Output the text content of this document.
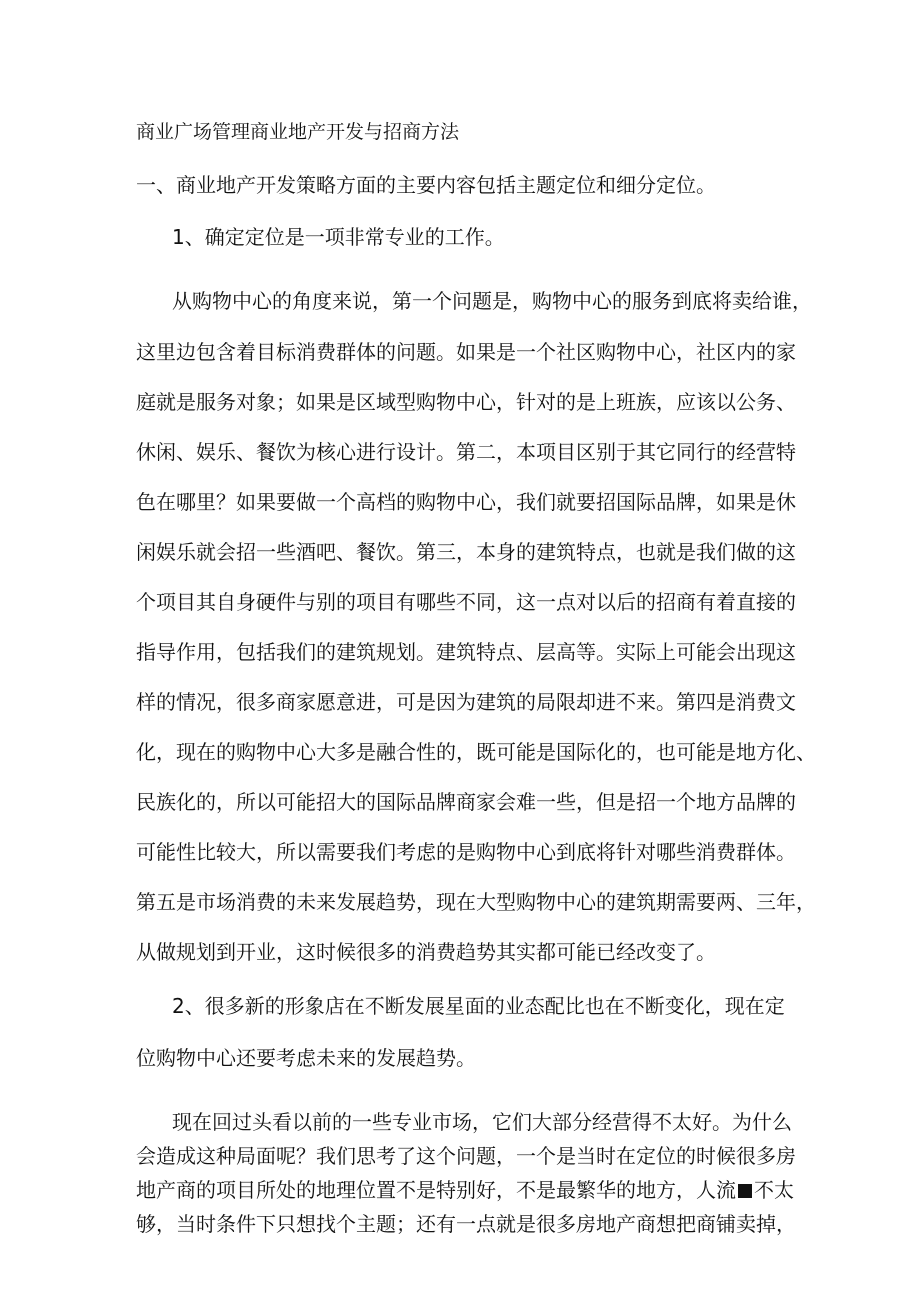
商业广场管理商业地产开发与招商方法
一、商业地产开发策略方面的主要内容包括主题定位和细分定位。
1、确定定位是一项非常专业的工作。
从购物中心的角度来说，第一个问题是，购物中心的服务到底将卖给谁，
这里边包含着目标消费群体的问题。如果是一个社区购物中心，社区内的家
庭就是服务对象；如果是区域型购物中心，针对的是上班族，应该以公务、
休闲、娱乐、餐饮为核心进行设计。第二，本项目区别于其它同行的经营特
色在哪里？如果要做一个高档的购物中心，我们就要招国际品牌，如果是休
闲娱乐就会招一些酒吧、餐饮。第三，本身的建筑特点，也就是我们做的这
个项目其自身硬件与别的项目有哪些不同，这一点对以后的招商有着直接的
指导作用，包括我们的建筑规划。建筑特点、层高等。实际上可能会出现这
样的情况，很多商家愿意进，可是因为建筑的局限却进不来。第四是消费文
化，现在的购物中心大多是融合性的，既可能是国际化的，也可能是地方化、
民族化的，所以可能招大的国际品牌商家会难一些，但是招一个地方品牌的
可能性比较大，所以需要我们考虑的是购物中心到底将针对哪些消费群体。
第五是市场消费的未来发展趋势，现在大型购物中心的建筑期需要两、三年，
从做规划到开业，这时候很多的消费趋势其实都可能已经改变了。
2、很多新的形象店在不断发展星面的业态配比也在不断变化，现在定
位购物中心还要考虑未来的发展趋势。
现在回过头看以前的一些专业市场，它们大部分经营得不太好。为什么
会造成这种局面呢？我们思考了这个问题，一个是当时在定位的时候很多房
地产商的项目所处的地理位置不是特别好，不是最繁华的地方，人流 不太
够，当时条件下只想找个主题；还有一点就是很多房地产商想把商铺卖掉，
